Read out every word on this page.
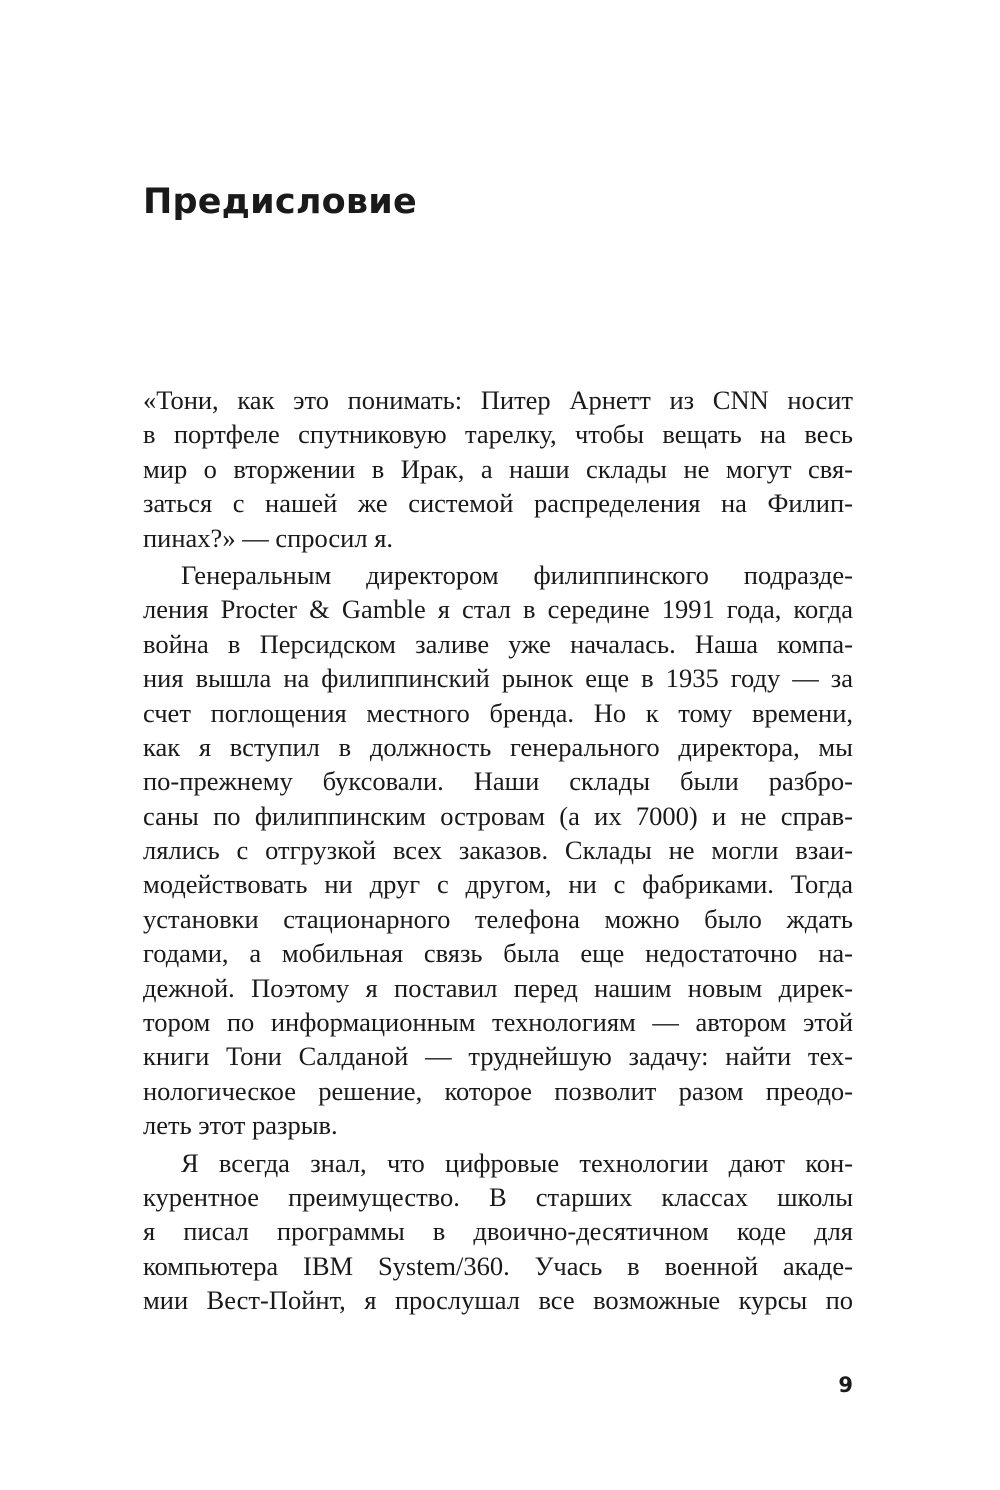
Предисловие
«Тони, как это понимать: Питер Арнетт из CNN носит
в портфеле спутниковую тарелку, чтобы вещать на весь
мир о вторжении в Ирак, а наши склады не могут свя-
заться с нашей же системой распределения на Филип-
пинах?» — спросил я.
Генеральным директором филиппинского подразде-
ления Procter & Gamble я стал в середине 1991 года, когда
война в Персидском заливе уже началась. Наша компа-
ния вышла на филиппинский рынок еще в 1935 году — за
счет поглощения местного бренда. Но к тому времени,
как я вступил в должность генерального директора, мы
по-прежнему буксовали. Наши склады были разбро-
саны по филиппинским островам (а их 7000) и не справ-
лялись с отгрузкой всех заказов. Склады не могли взаи-
модействовать ни друг с другом, ни с фабриками. Тогда
установки стационарного телефона можно было ждать
годами, а мобильная связь была еще недостаточно на-
дежной. Поэтому я поставил перед нашим новым дирек-
тором по информационным технологиям — автором этой
книги Тони Салданой — труднейшую задачу: найти тех-
нологическое решение, которое позволит разом преодо-
леть этот разрыв.
Я всегда знал, что цифровые технологии дают кон-
курентное преимущество. В старших классах школы
я писал программы в двоично-десятичном коде для
компьютера IBM System/360. Учась в военной акаде-
мии Вест-Пойнт, я прослушал все возможные курсы по
9
